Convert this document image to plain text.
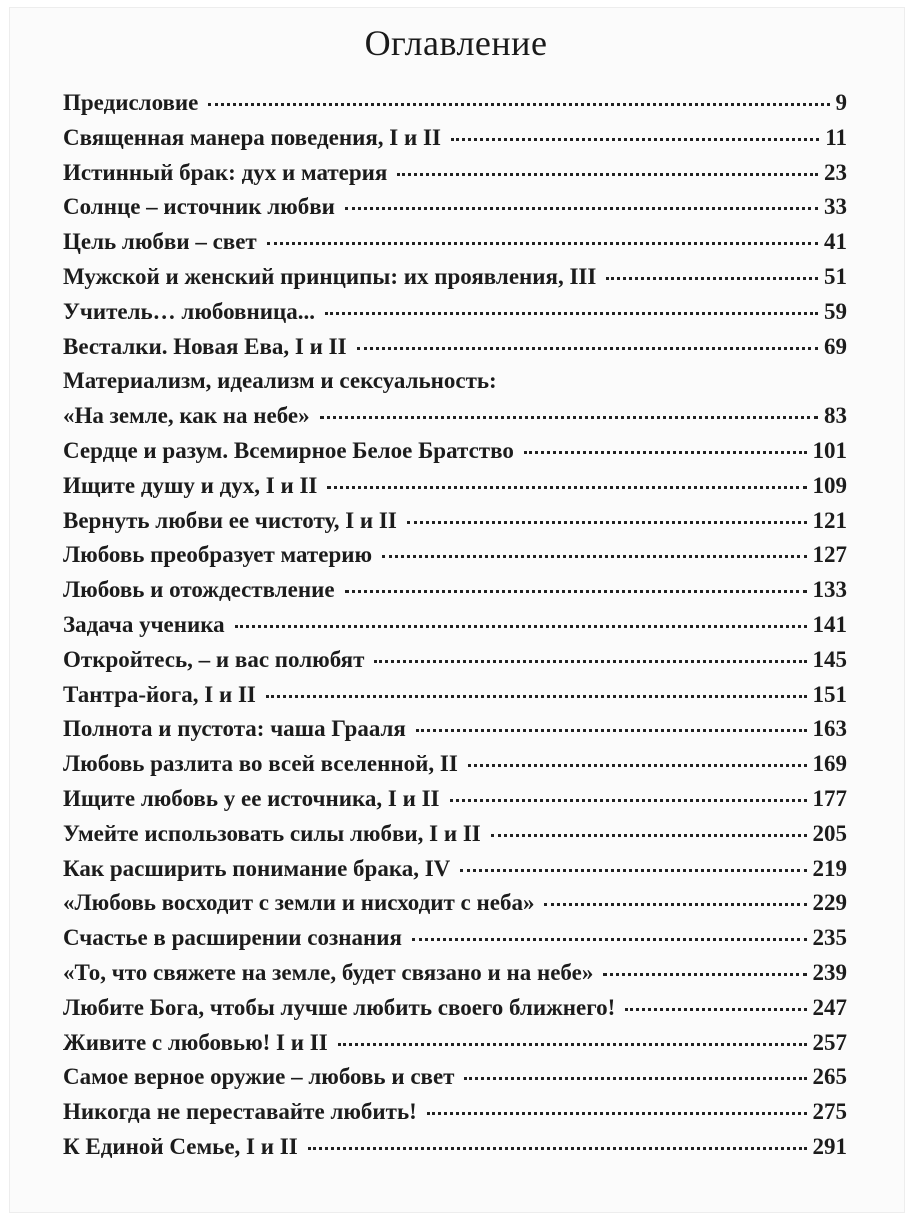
Оглавление
Предисловие	9
Священная манера поведения, I и II	11
Истинный брак: дух и материя	23
Солнце – источник любви	33
Цель любви – свет	41
Мужской и женский принципы: их проявления, III	51
Учитель… любовница...	59
Весталки. Новая Ева, I и II	69
Материализм, идеализм и сексуальность:
«На земле, как на небе»	83
Сердце и разум. Всемирное Белое Братство	101
Ищите душу и дух, I и II	109
Вернуть любви ее чистоту, I и II	121
Любовь преобразует материю	127
Любовь и отождествление	133
Задача ученика	141
Откройтесь, – и вас полюбят	145
Тантра-йога, I и II	151
Полнота и пустота: чаша Грааля	163
Любовь разлита во всей вселенной, II	169
Ищите любовь у ее источника, I и II	177
Умейте использовать силы любви, I и II	205
Как расширить понимание брака, IV	219
«Любовь восходит с земли и нисходит с неба»	229
Счастье в расширении сознания	235
«То, что свяжете на земле, будет связано и на небе»	239
Любите Бога, чтобы лучше любить своего ближнего!	247
Живите с любовью! I и II	257
Самое верное оружие – любовь и свет	265
Никогда не переставайте любить!	275
К Единой Семье, I и II	291
